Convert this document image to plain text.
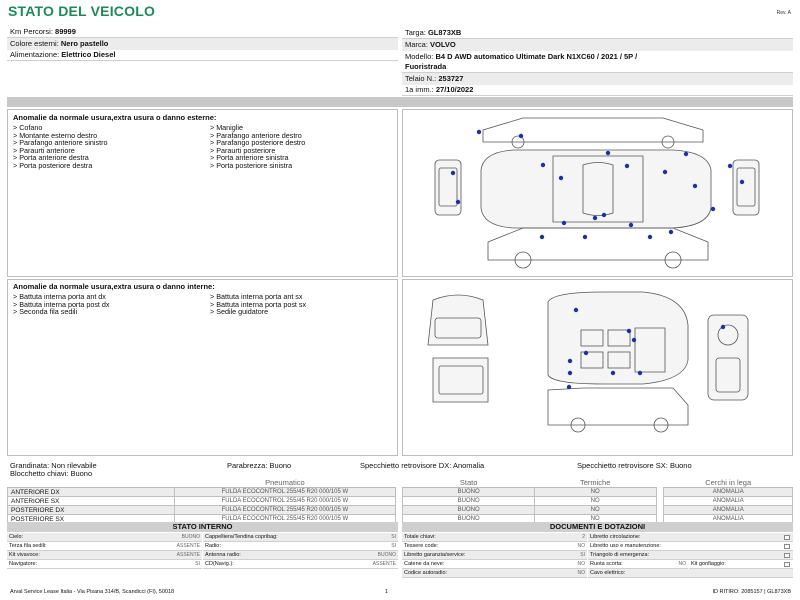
STATO DEL VEICOLO	Rev. A
Km Percorsi: 89999
Colore esterni: Nero pastello
Alimentazione: Elettrico Diesel
Targa: GL873XB
Marca: VOLVO
Modello: B4 D AWD automatico Ultimate Dark N1XC60 / 2021 / 5P /
Fuoristrada
Telaio N.: 253727
1a imm.: 27/10/2022
Anomalie da normale usura,extra usura o danno esterne:
> Cofano
> Montante esterno destro
> Parafango anteriore sinistro
> Paraurti anteriore
> Porta anteriore destra
> Porta posteriore destra
> Maniglie
> Parafango anteriore destro
> Parafango posteriore destro
> Paraurti posteriore
> Porta anteriore sinistra
> Porta posteriore sinistra
Anomalie da normale usura,extra usura o danno interne:
> Battuta interna porta ant dx
> Battuta interna porta post dx
> Seconda fila sedili
> Battuta interna porta ant sx
> Battuta interna porta post sx
> Sedile guidatore
Grandinata: Non rilevabile
Blocchetto chiavi: Buono
Parabrezza: Buono	Specchietto retrovisore DX: Anomalia	Specchietto retrovisore SX: Buono
	Pneumatico		Stato	Termiche		Cerchi in lega
ANTERIORE DX	FULDA ECOCONTROL 255/45 R20 000/105 W		BUONO	NO		ANOMALIA
ANTERIORE SX	FULDA ECOCONTROL 255/45 R20 000/105 W		BUONO	NO		ANOMALIA
POSTERIORE DX	FULDA ECOCONTROL 255/45 R20 000/105 W		BUONO	NO		ANOMALIA
POSTERIORE SX	FULDA ECOCONTROL 255/45 R20 000/105 W		BUONO	NO		ANOMALIA
STATO INTERNO
Cielo:	BUONO Cappelliera/Tendina copribag:	SI
Terza fila sedili:	ASSENTE Radio:	SI
Kit vivavoce:	ASSENTE Antenna radio:	BUONO
Navigatore:	SI CD(Navig.):	ASSENTE
DOCUMENTI E DOTAZIONI
Totale chiavi:	2 Libretto circolazione:
Tessere code:	NO Libretto uso e manutenzione:
Libretto garanzia/service:	SI Triangolo di emergenza:
Catene da neve:	NO Ruota scorta:	NO Kit gonfiaggio:
Codice autoradio:	NO Cavo elettrico:
Arval Service Lease Italia - Via Pisana 314/B, Scandicci (FI), 50018	1	ID RITIRO: 2085157 | GL873XB
